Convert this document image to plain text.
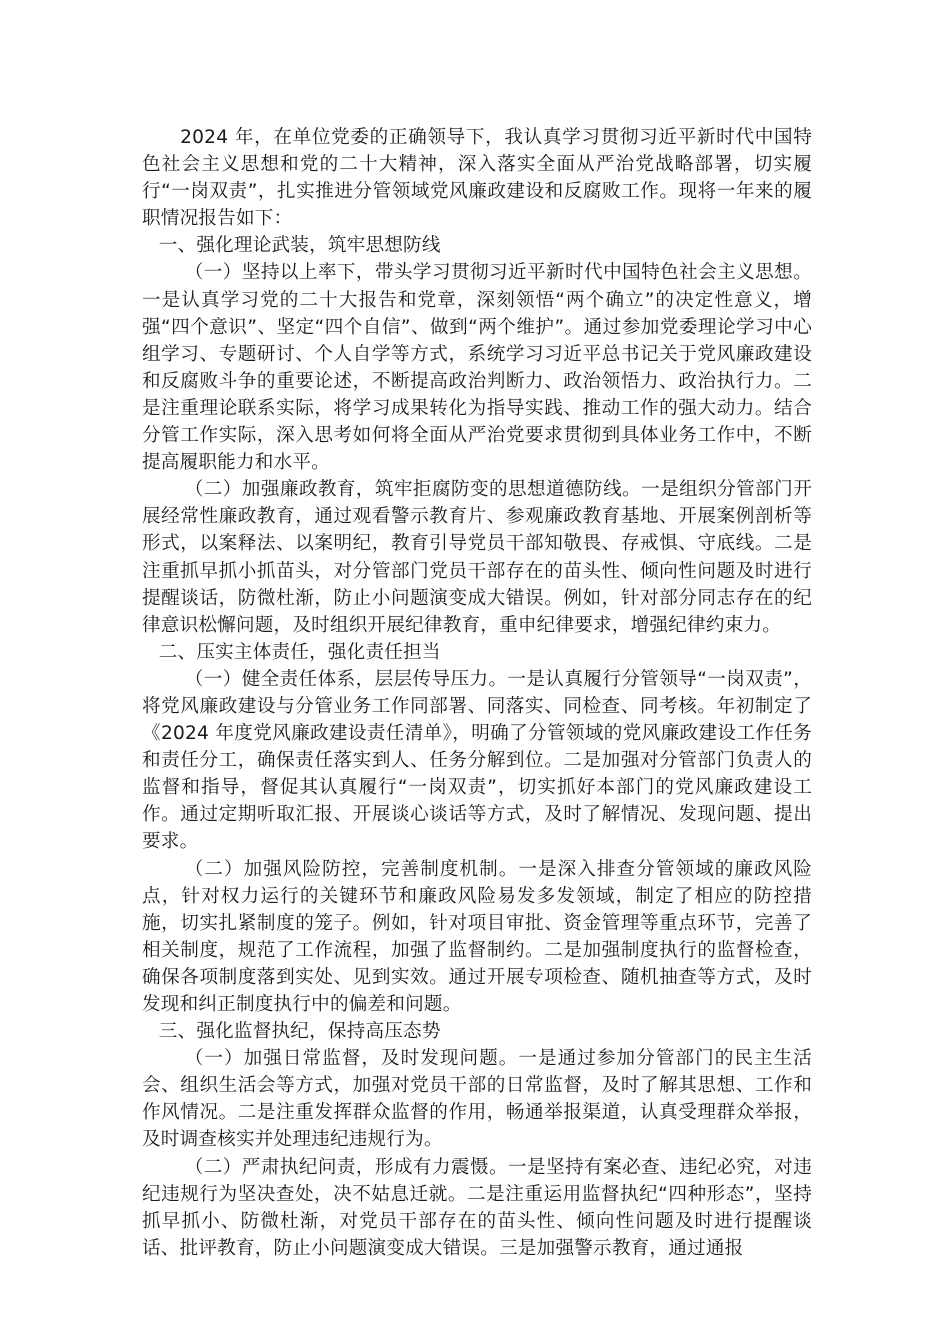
2024 年，在单位党委的正确领导下，我认真学习贯彻习近平新时代中国特色社会主义思想和党的二十大精神，深入落实全面从严治党战略部署，切实履行“一岗双责”，扎实推进分管领域党风廉政建设和反腐败工作。现将一年来的履职情况报告如下：

一、强化理论武装，筑牢思想防线

（一）坚持以上率下，带头学习贯彻习近平新时代中国特色社会主义思想。一是认真学习党的二十大报告和党章，深刻领悟“两个确立”的决定性意义，增强“四个意识”、坚定“四个自信”、做到“两个维护”。通过参加党委理论学习中心组学习、专题研讨、个人自学等方式，系统学习习近平总书记关于党风廉政建设和反腐败斗争的重要论述，不断提高政治判断力、政治领悟力、政治执行力。二是注重理论联系实际，将学习成果转化为指导实践、推动工作的强大动力。结合分管工作实际，深入思考如何将全面从严治党要求贯彻到具体业务工作中，不断提高履职能力和水平。

（二）加强廉政教育，筑牢拒腐防变的思想道德防线。一是组织分管部门开展经常性廉政教育，通过观看警示教育片、参观廉政教育基地、开展案例剖析等形式，以案释法、以案明纪，教育引导党员干部知敬畏、存戒惧、守底线。二是注重抓早抓小抓苗头，对分管部门党员干部存在的苗头性、倾向性问题及时进行提醒谈话，防微杜渐，防止小问题演变成大错误。例如，针对部分同志存在的纪律意识松懈问题，及时组织开展纪律教育，重申纪律要求，增强纪律约束力。

二、压实主体责任，强化责任担当

（一）健全责任体系，层层传导压力。一是认真履行分管领导“一岗双责”，将党风廉政建设与分管业务工作同部署、同落实、同检查、同考核。年初制定了《2024 年度党风廉政建设责任清单》，明确了分管领域的党风廉政建设工作任务和责任分工，确保责任落实到人、任务分解到位。二是加强对分管部门负责人的监督和指导，督促其认真履行“一岗双责”，切实抓好本部门的党风廉政建设工作。通过定期听取汇报、开展谈心谈话等方式，及时了解情况、发现问题、提出要求。

（二）加强风险防控，完善制度机制。一是深入排查分管领域的廉政风险点，针对权力运行的关键环节和廉政风险易发多发领域，制定了相应的防控措施，切实扎紧制度的笼子。例如，针对项目审批、资金管理等重点环节，完善了相关制度，规范了工作流程，加强了监督制约。二是加强制度执行的监督检查，确保各项制度落到实处、见到实效。通过开展专项检查、随机抽查等方式，及时发现和纠正制度执行中的偏差和问题。

三、强化监督执纪，保持高压态势

（一）加强日常监督，及时发现问题。一是通过参加分管部门的民主生活会、组织生活会等方式，加强对党员干部的日常监督，及时了解其思想、工作和作风情况。二是注重发挥群众监督的作用，畅通举报渠道，认真受理群众举报，及时调查核实并处理违纪违规行为。

（二）严肃执纪问责，形成有力震慑。一是坚持有案必查、违纪必究，对违纪违规行为坚决查处，决不姑息迁就。二是注重运用监督执纪“四种形态”，坚持抓早抓小、防微杜渐，对党员干部存在的苗头性、倾向性问题及时进行提醒谈话、批评教育，防止小问题演变成大错误。三是加强警示教育，通过通报
